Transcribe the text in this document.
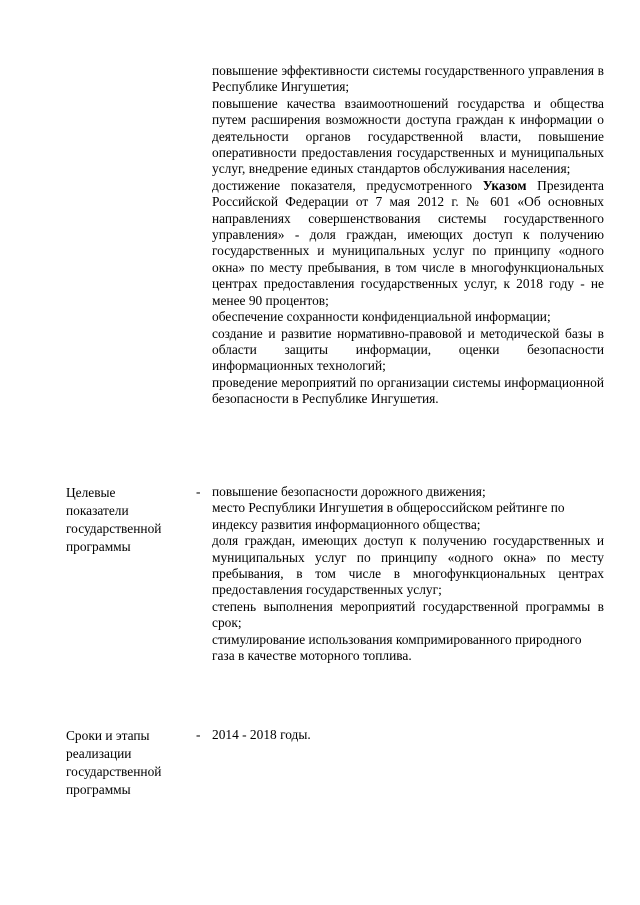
повышение эффективности системы государственного управления в Республике Ингушетия;
повышение качества взаимоотношений государства и общества путем расширения возможности доступа граждан к информации о деятельности органов государственной власти, повышение оперативности предоставления государственных и муниципальных услуг, внедрение единых стандартов обслуживания населения;
достижение показателя, предусмотренного Указом Президента Российской Федерации от 7 мая 2012 г. № 601 «Об основных направлениях совершенствования системы государственного управления» - доля граждан, имеющих доступ к получению государственных и муниципальных услуг по принципу «одного окна» по месту пребывания, в том числе в многофункциональных центрах предоставления государственных услуг, к 2018 году - не менее 90 процентов;
обеспечение сохранности конфиденциальной информации;
создание и развитие нормативно-правовой и методической базы в области защиты информации, оценки безопасности информационных технологий;
проведение мероприятий по организации системы информационной безопасности в Республике Ингушетия.
Целевые
показатели
государственной
программы
- повышение безопасности дорожного движения;
место Республики Ингушетия в общероссийском рейтинге по индексу развития информационного общества;
доля граждан, имеющих доступ к получению государственных и муниципальных услуг по принципу «одного окна» по месту пребывания, в том числе в многофункциональных центрах предоставления государственных услуг;
степень выполнения мероприятий государственной программы в срок;
стимулирование использования компримированного природного газа в качестве моторного топлива.
Сроки и этапы
реализации
государственной
программы
- 2014 - 2018 годы.
